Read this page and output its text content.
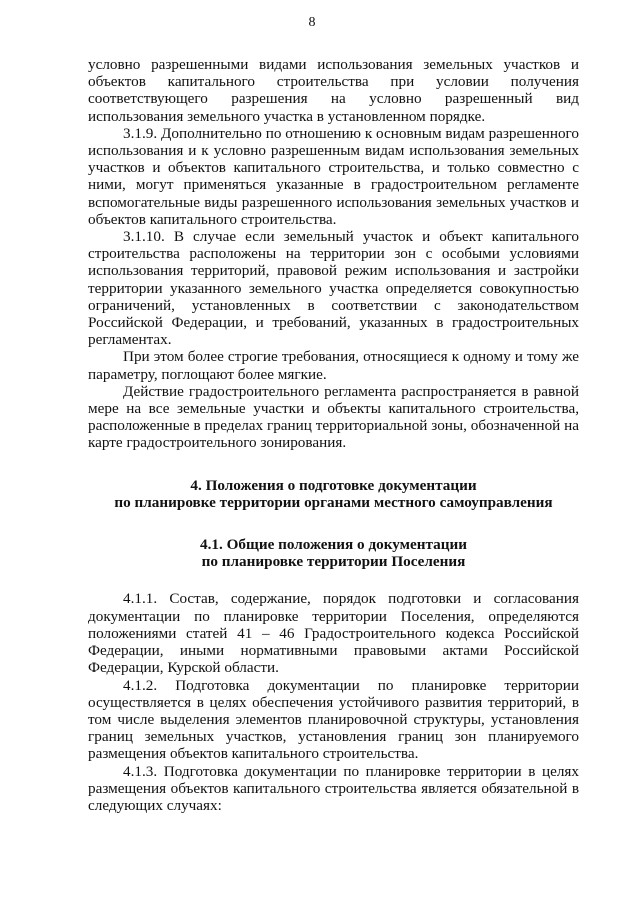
8

условно разрешенными видами использования земельных участков и объектов капитального строительства при условии получения соответствующего разрешения на условно разрешенный вид использования земельного участка в установленном порядке.

3.1.9. Дополнительно по отношению к основным видам разрешенного использования и к условно разрешенным видам использования земельных участков и объектов капитального строительства, и только совместно с ними, могут применяться указанные в градостроительном регламенте вспомогательные виды разрешенного использования земельных участков и объектов капитального строительства.

3.1.10. В случае если земельный участок и объект капитального строительства расположены на территории зон с особыми условиями использования территорий, правовой режим использования и застройки территории указанного земельного участка определяется совокупностью ограничений, установленных в соответствии с законодательством Российской Федерации, и требований, указанных в градостроительных регламентах.

При этом более строгие требования, относящиеся к одному и тому же параметру, поглощают более мягкие.

Действие градостроительного регламента распространяется в равной мере на все земельные участки и объекты капитального строительства, расположенные в пределах границ территориальной зоны, обозначенной на карте градостроительного зонирования.

4. Положения о подготовке документации

по планировке территории органами местного самоуправления

4.1. Общие положения о документации

по планировке территории Поселения

4.1.1. Состав, содержание, порядок подготовки и согласования документации по планировке территории Поселения, определяются положениями статей 41 – 46 Градостроительного кодекса Российской Федерации, иными нормативными правовыми актами Российской Федерации, Курской области.

4.1.2. Подготовка документации по планировке территории осуществляется в целях обеспечения устойчивого развития территорий, в том числе выделения элементов планировочной структуры, установления границ земельных участков, установления границ зон планируемого размещения объектов капитального строительства.

4.1.3. Подготовка документации по планировке территории в целях размещения объектов капитального строительства является обязательной в следующих случаях:
